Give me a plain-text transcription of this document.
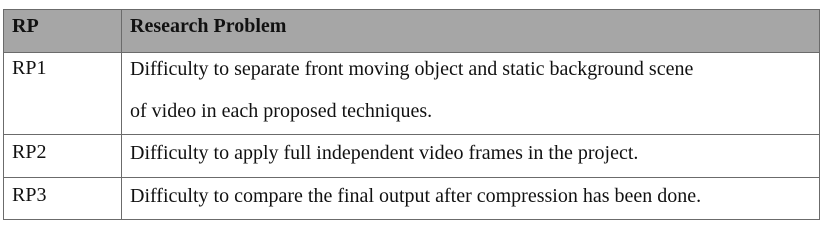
RP	Research Problem
RP1	Difficulty to separate front moving object and static background scene
of video in each proposed techniques.

RP2	Difficulty to apply full independent video frames in the project.

RP3	Difficulty to compare the final output after compression has been done.
